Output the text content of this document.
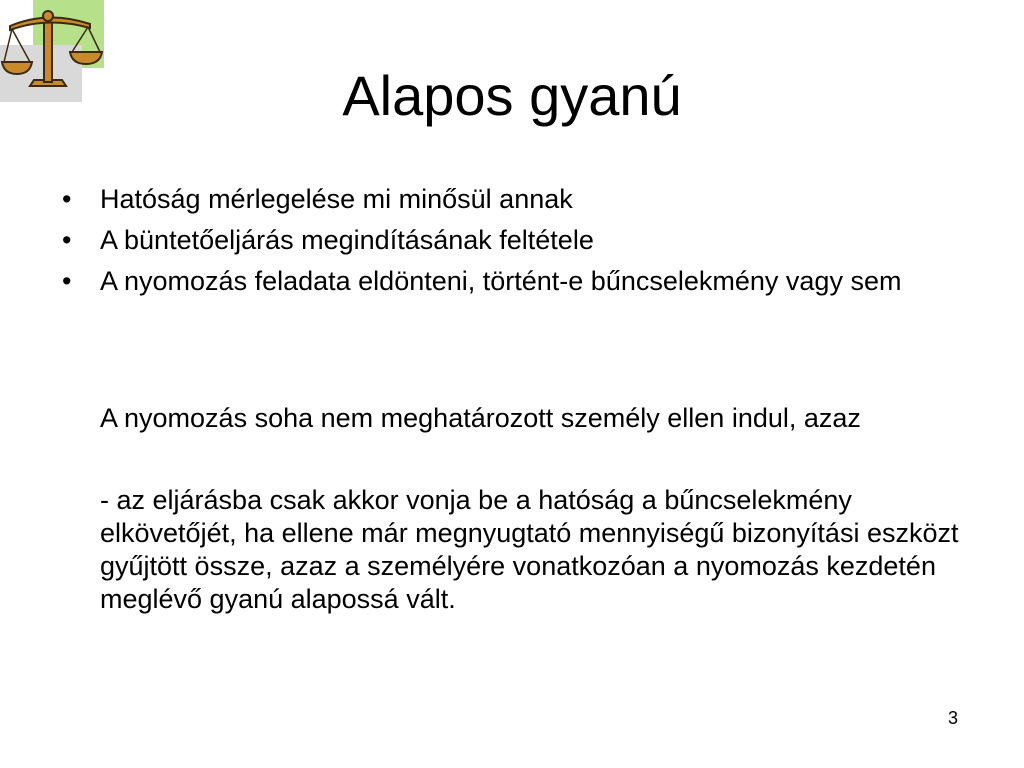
Alapos gyanú
• Hatóság mérlegelése mi minősül annak
• A büntetőeljárás megindításának feltétele
• A nyomozás feladata eldönteni, történt-e bűncselekmény vagy sem

A nyomozás soha nem meghatározott személy ellen indul, azaz

- az eljárásba csak akkor vonja be a hatóság a bűncselekmény elkövetőjét, ha ellene már megnyugtató mennyiségű bizonyítási eszközt gyűjtött össze, azaz a személyére vonatkozóan a nyomozás kezdetén meglévő gyanú alapossá vált.

3
